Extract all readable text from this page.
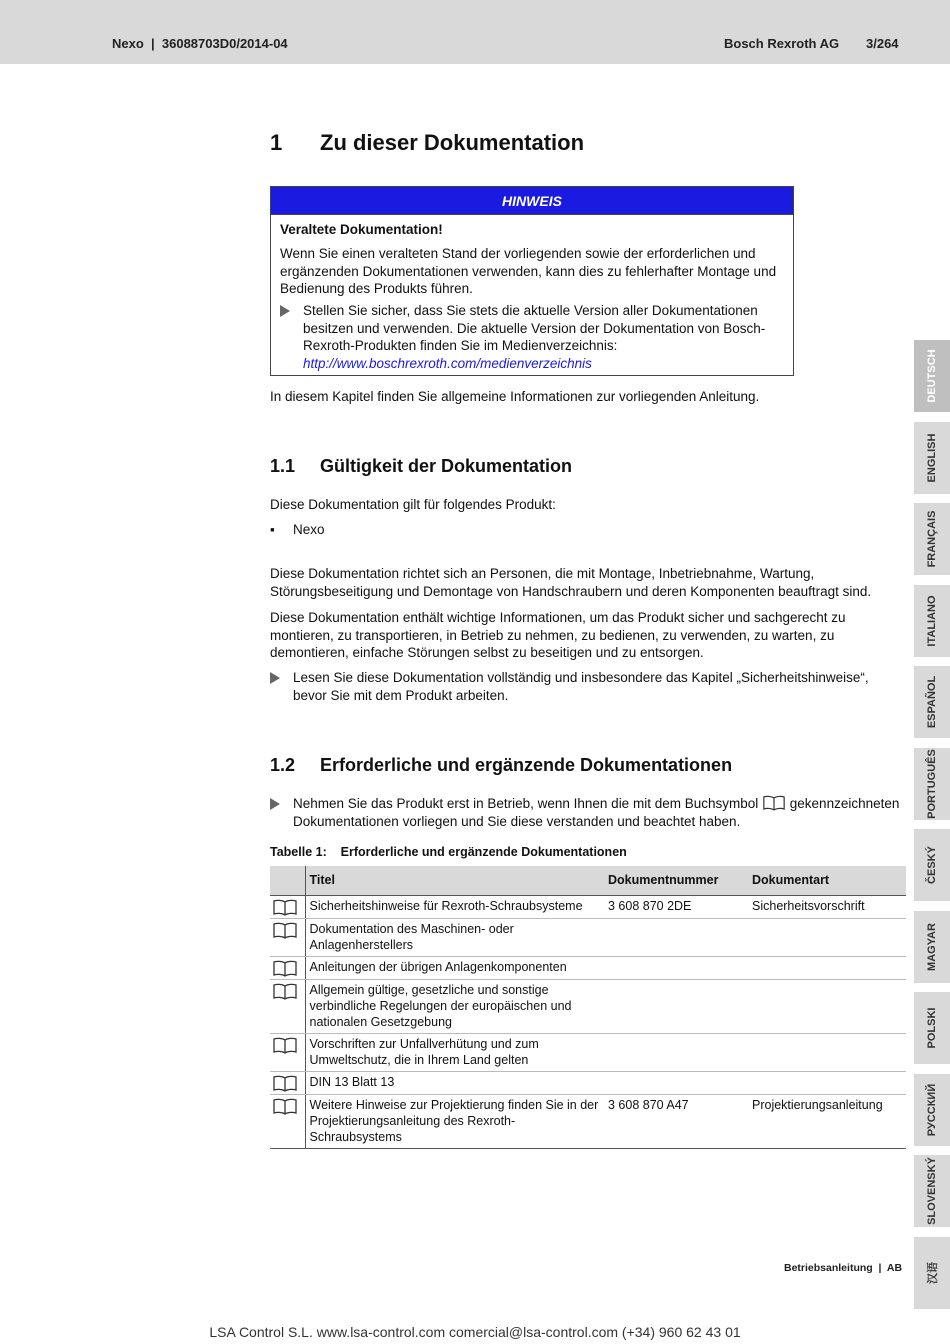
Nexo  |  36088703D0/2014-04	Bosch Rexroth AG 3/264
1 Zu dieser Dokumentation
HINWEIS
Veraltete Dokumentation!
Wenn Sie einen veralteten Stand der vorliegenden sowie der erforderlichen und ergänzenden Dokumentationen verwenden, kann dies zu fehlerhafter Montage und Bedienung des Produkts führen.
Stellen Sie sicher, dass Sie stets die aktuelle Version aller Dokumentationen besitzen und verwenden. Die aktuelle Version der Dokumentation von Bosch-Rexroth-Produkten finden Sie im Medienverzeichnis:
http://www.boschrexroth.com/medienverzeichnis
In diesem Kapitel finden Sie allgemeine Informationen zur vorliegenden Anleitung.
1.1 Gültigkeit der Dokumentation
Diese Dokumentation gilt für folgendes Produkt:
▪ Nexo
Diese Dokumentation richtet sich an Personen, die mit Montage, Inbetriebnahme, Wartung, Störungsbeseitigung und Demontage von Handschraubern und deren Komponenten beauftragt sind.
Diese Dokumentation enthält wichtige Informationen, um das Produkt sicher und sachgerecht zu montieren, zu transportieren, in Betrieb zu nehmen, zu bedienen, zu verwenden, zu warten, zu demontieren, einfache Störungen selbst zu beseitigen und zu entsorgen.
Lesen Sie diese Dokumentation vollständig und insbesondere das Kapitel „Sicherheitshinweise“, bevor Sie mit dem Produkt arbeiten.
1.2 Erforderliche und ergänzende Dokumentationen
Nehmen Sie das Produkt erst in Betrieb, wenn Ihnen die mit dem Buchsymbol gekennzeichneten Dokumentationen vorliegen und Sie diese verstanden und beachtet haben.
Tabelle 1:    Erforderliche und ergänzende Dokumentationen
	Titel	Dokumentnummer	Dokumentart

	Sicherheitshinweise für Rexroth-Schraubsysteme	3 608 870 2DE	Sicherheitsvorschrift

	Dokumentation des Maschinen- oder Anlagenherstellers		

	Anleitungen der übrigen Anlagenkomponenten		

	Allgemein gültige, gesetzliche und sonstige verbindliche Regelungen der europäischen und nationalen Gesetzgebung		

	Vorschriften zur Unfallverhütung und zum Umweltschutz, die in Ihrem Land gelten		

	DIN 13 Blatt 13		

	Weitere Hinweise zur Projektierung finden Sie in der Projektierungsanleitung des Rexroth-Schraubsystems	3 608 870 A47	Projektierungsanleitung
DEUTSCH
ENGLISH
FRANÇAIS
ITALIANO
ESPAÑOL
PORTUGUÊS
ČESKÝ
MAGYAR
POLSKI
РУССКИЙ
SLOVENSKÝ
汉语
Betriebsanleitung  |  AB
LSA Control S.L. www.lsa-control.com comercial@lsa-control.com (+34) 960 62 43 01
